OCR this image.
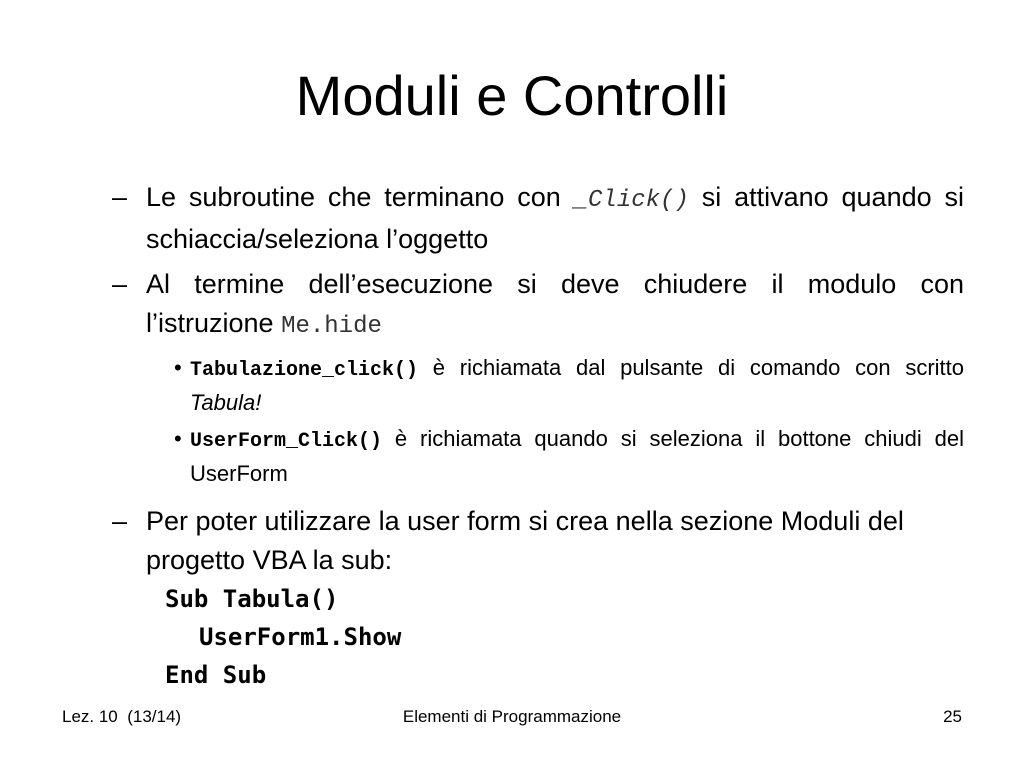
Moduli e Controlli
– Le subroutine che terminano con _Click() si attivano quando si schiaccia/seleziona l’oggetto
– Al termine dell’esecuzione si deve chiudere il modulo con l’istruzione Me.hide
• Tabulazione_click() è richiamata dal pulsante di comando con scritto Tabula!
• UserForm_Click() è richiamata quando si seleziona il bottone chiudi del UserForm
– Per poter utilizzare la user form si crea nella sezione Moduli del progetto VBA la sub:
Sub Tabula()
UserForm1.Show
End Sub
Lez. 10  (13/14)	Elementi di Programmazione	25
